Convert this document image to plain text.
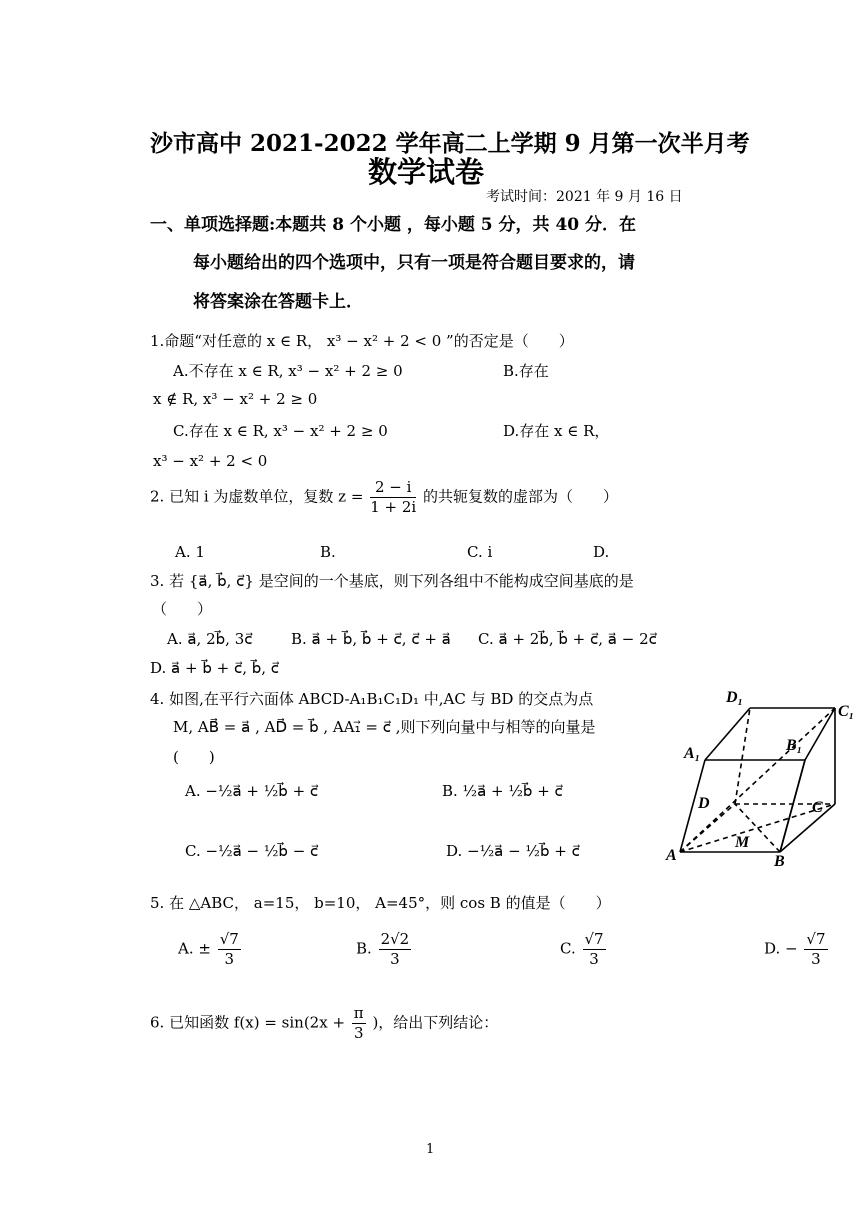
沙市高中 2021-2022 学年高二上学期 9 月第一次半月考
数学试卷
考试时间：2021 年 9 月 16 日
一、单项选择题:本题共 8 个小题 ，每小题 5 分，共 40 分．在
每小题给出的四个选项中，只有一项是符合题目要求的，请
将答案涂在答题卡上．
1.命题“对任意的 x ∈ R， x³ − x² + 2 < 0 ”的否定是（　　）
A.不存在 x ∈ R, x³ − x² + 2 ≥ 0	B.存在
x ∉ R, x³ − x² + 2 ≥ 0
C.存在 x ∈ R, x³ − x² + 2 ≥ 0	D.存在 x ∈ R，
x³ − x² + 2 < 0
2. 已知 i 为虚数单位，复数 $z = \frac{2 - i}{1 + 2i}$ 的共轭复数的虚部为（　　）
A. 1	B.	C. i	D.
3. 若 {a⃗, b⃗, c⃗} 是空间的一个基底，则下列各组中不能构成空间基底的是
（　　）
A. a⃗, 2b⃗, 3c⃗	B. a⃗ + b⃗, b⃗ + c⃗, c⃗ + a⃗ C. a⃗ + 2b⃗, b⃗ + c⃗, a⃗ − 2c⃗
D. a⃗ + b⃗ + c⃗, b⃗, c⃗
4. 如图,在平行六面体 ABCD-A₁B₁C₁D₁ 中,AC 与 BD 的交点为点
M, AB⃗ = a⃗ , AD⃗ = b⃗ , AA₁⃗ = c⃗ ,则下列向量中与相等的向量是
(　　)
A. −½a⃗ + ½b⃗ + c⃗	B. ½a⃗ + ½b⃗ + c⃗
C. −½a⃗ − ½b⃗ − c⃗	D. −½a⃗ − ½b⃗ + c⃗
D₁
C₁
A₁	B₁
D	C
A	B
M
5. 在 △ABC， a=15， b=10， A=45°，则 cos B 的值是（　　）
A. ± $\frac{√7}{3}$	B. $\frac{2√2}{3}$	C. $\frac{√7}{3}$	D. − $\frac{√7}{3}$
6. 已知函数 $f(x) = \sin(2x + \frac{\pi}{3}$ )，给出下列结论：
1
